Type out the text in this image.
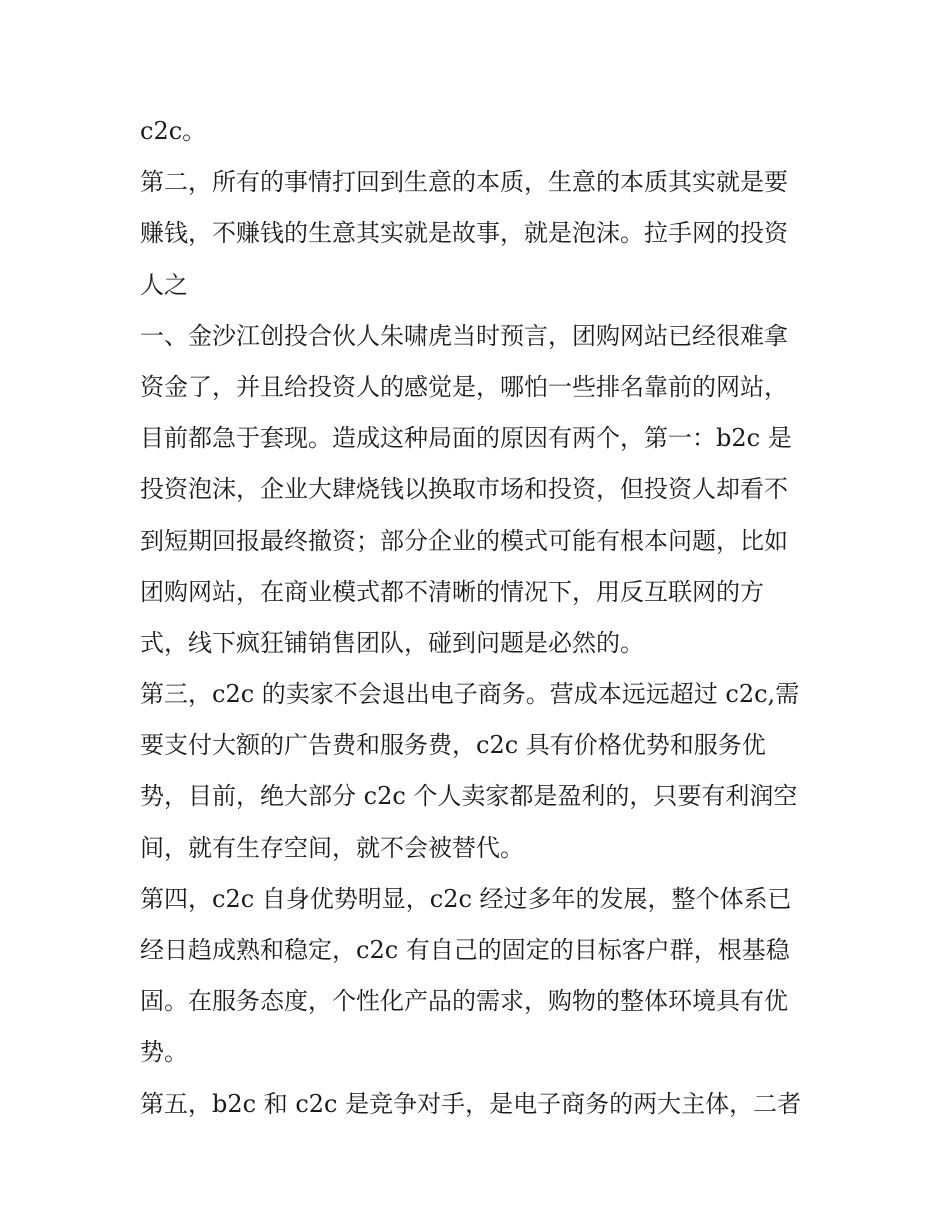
c2c。
第二，所有的事情打回到生意的本质，生意的本质其实就是要
赚钱，不赚钱的生意其实就是故事，就是泡沫。拉手网的投资
人之
一、金沙江创投合伙人朱啸虎当时预言，团购网站已经很难拿
资金了，并且给投资人的感觉是，哪怕一些排名靠前的网站，
目前都急于套现。造成这种局面的原因有两个，第一：b2c 是
投资泡沫，企业大肆烧钱以换取市场和投资，但投资人却看不
到短期回报最终撤资；部分企业的模式可能有根本问题，比如
团购网站，在商业模式都不清晰的情况下，用反互联网的方
式，线下疯狂铺销售团队，碰到问题是必然的。
第三，c2c 的卖家不会退出电子商务。营成本远远超过 c2c,需
要支付大额的广告费和服务费，c2c 具有价格优势和服务优
势，目前，绝大部分 c2c 个人卖家都是盈利的，只要有利润空
间，就有生存空间，就不会被替代。
第四，c2c 自身优势明显，c2c 经过多年的发展，整个体系已
经日趋成熟和稳定，c2c 有自己的固定的目标客户群，根基稳
固。在服务态度，个性化产品的需求，购物的整体环境具有优
势。
第五，b2c 和 c2c 是竞争对手，是电子商务的两大主体，二者
